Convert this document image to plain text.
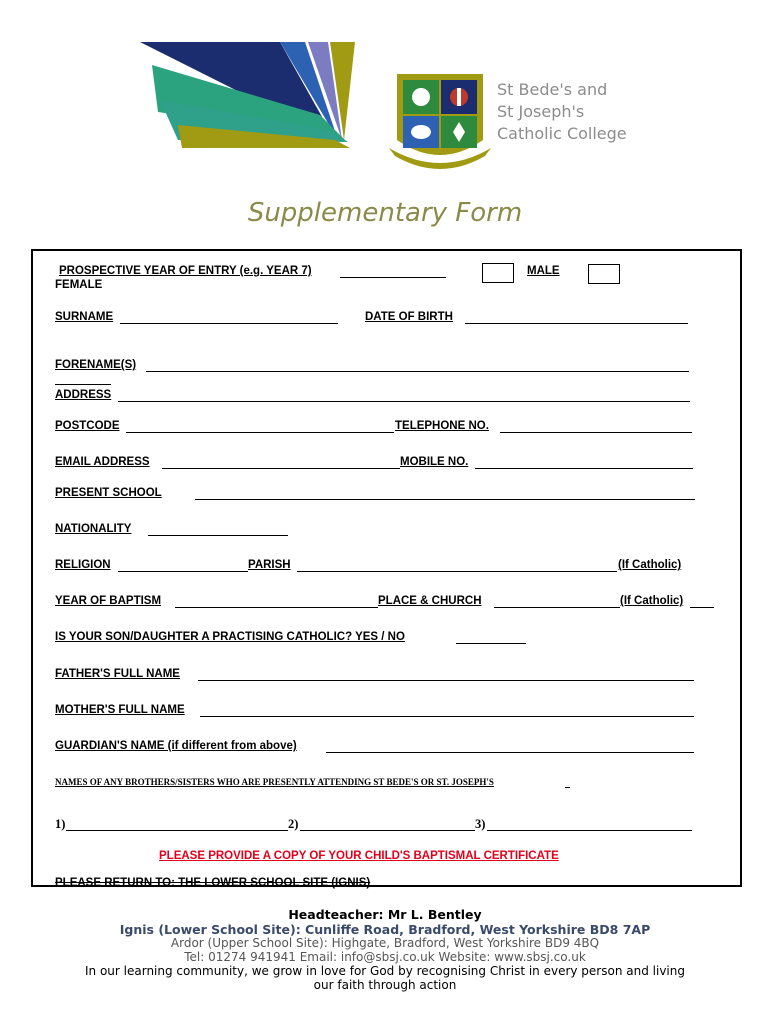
St Bede's and
St Joseph's
Catholic College
Supplementary Form
PROSPECTIVE YEAR OF ENTRY (e.g. YEAR 7)	MALE
FEMALE
SURNAME	DATE OF BIRTH
FORENAME(S)
ADDRESS
POSTCODE	TELEPHONE NO.
EMAIL ADDRESS	MOBILE NO.
PRESENT SCHOOL
NATIONALITY
RELIGION	PARISH	(If Catholic)
YEAR OF BAPTISM	PLACE & CHURCH	(If Catholic)
IS YOUR SON/DAUGHTER A PRACTISING CATHOLIC? YES / NO
FATHER'S FULL NAME
MOTHER'S FULL NAME
GUARDIAN'S NAME (if different from above)
NAMES OF ANY BROTHERS/SISTERS WHO ARE PRESENTLY ATTENDING ST BEDE'S OR ST. JOSEPH'S
1)	2)	3)
PLEASE PROVIDE A COPY OF YOUR CHILD'S BAPTISMAL CERTIFICATE
PLEASE RETURN TO: THE LOWER SCHOOL SITE (IGNIS)
Headteacher: Mr L. Bentley
Ignis (Lower School Site): Cunliffe Road, Bradford, West Yorkshire BD8 7AP
Ardor (Upper School Site): Highgate, Bradford, West Yorkshire BD9 4BQ
Tel: 01274 941941 Email: info@sbsj.co.uk Website: www.sbsj.co.uk
In our learning community, we grow in love for God by recognising Christ in every person and living
our faith through action
